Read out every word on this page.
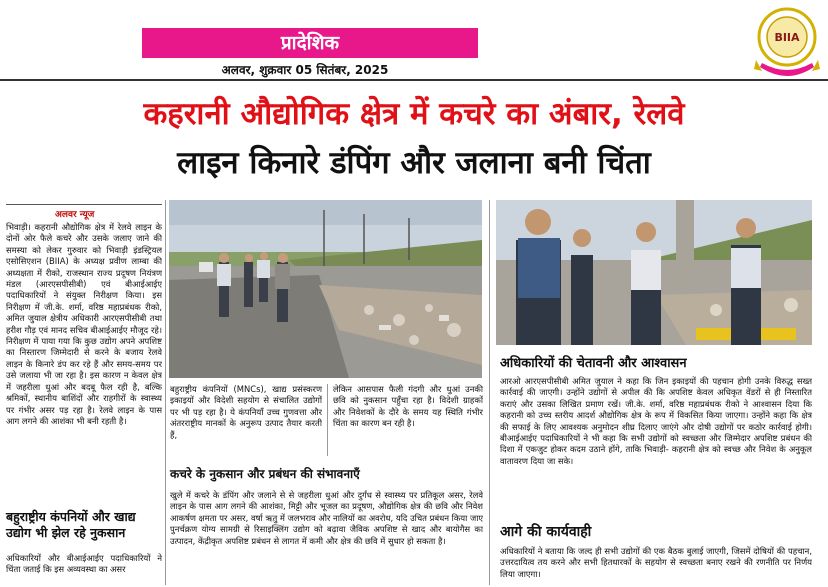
प्रादेशिक
अलवर, शुक्रवार 05 सितंबर, 2025
BIIA
कहरानी औद्योगिक क्षेत्र में कचरे का अंबार, रेलवे
लाइन किनारे डंपिंग और जलाना बनी चिंता
अलवर न्यूज
भिवाड़ी। कहरानी औद्योगिक क्षेत्र में रेलवे लाइन के दोनों ओर फैले कचरे और उसके जलाए जाने की समस्या को लेकर गुरुवार को भिवाड़ी इंडस्ट्रियल एसोसिएशन (BIIA) के अध्यक्ष प्रवीण लाम्बा की अध्यक्षता में रीको, राजस्थान राज्य प्रदूषण नियंत्रण मंडल (आरएसपीसीबी) एवं बीआईआईए पदाधिकारियों ने संयुक्त निरीक्षण किया। इस निरीक्षण में जी.के. शर्मा, वरिष्ठ महाप्रबंधक रीको, अमित जुयाल क्षेत्रीय अधिकारी आरएसपीसीबी तथा हरीश गौड़ एवं मानद सचिव बीआईआईए मौजूद रहे। निरीक्षण में पाया गया कि कुछ उद्योग अपने अपशिष्ट का निस्तारण जिम्मेदारी से करने के बजाय रेलवे लाइन के किनारे डंप कर रहे हैं और समय-समय पर उसे जलाया भी जा रहा है। इस कारण न केवल क्षेत्र में जहरीला धुआं और बदबू फैल रही है, बल्कि श्रमिकों, स्थानीय बाशिंदों और राहगीरों के स्वास्थ्य पर गंभीर असर पड़ रहा है। रेलवे लाइन के पास आग लगने की आशंका भी बनी रहती है।
बहुराष्ट्रीय कंपनियों और खाद्य उद्योग भी झेल रहे नुकसान
अधिकारियों और बीआईआईए पदाधिकारियों ने चिंता जताई कि इस अव्यवस्था का असर
बहुराष्ट्रीय कंपनियों (MNCs), खाद्य प्रसंस्करण इकाइयों और विदेशी सहयोग से संचालित उद्योगों पर भी पड़ रहा है। ये कंपनियाँ उच्च गुणवत्ता और अंतरराष्ट्रीय मानकों के अनुरूप उत्पाद तैयार करती हैं,
लेकिन आसपास फैली गंदगी और धुआं उनकी छवि को नुकसान पहुँचा रहा है। विदेशी ग्राहकों और निवेशकों के दौरे के समय यह स्थिति गंभीर चिंता का कारण बन रही है।
कचरे के नुकसान और प्रबंधन की संभावनाएँ
खुले में कचरे के डंपिंग और जलाने से से जहरीला धुआं और दुर्गंध से स्वास्थ्य पर प्रतिकूल असर, रेलवे लाइन के पास आग लगने की आशंका, मिट्टी और भूजल का प्रदूषण, औद्योगिक क्षेत्र की छवि और निवेश आकर्षण क्षमता पर असर, वर्षा ऋतु में जलभराव और नालियों का अवरोध, यदि उचित प्रबंधन किया जाए पुनर्चक्रण योग्य सामग्री से रिसाइक्लिंग उद्योग को बढ़ावा जैविक अपशिष्ट से खाद और बायोगैस का उत्पादन, केंद्रीकृत अपशिष्ट प्रबंधन से लागत में कमी और क्षेत्र की छवि में सुधार हो सकता है।
अधिकारियों की चेतावनी और आश्वासन
आरओ आरएसपीसीबी अमित जुयाल ने कहा कि जिन इकाइयों की पहचान होगी उनके विरुद्ध सख्त कार्रवाई की जाएगी। उन्होंने उद्योगों से अपील की कि अपशिष्ट केवल अधिकृत वेंडरों से ही निस्तारित कराएं और उसका लिखित प्रमाण रखें। जी.के. शर्मा, वरिष्ठ महाप्रबंधक रीको ने आश्वासन दिया कि कहरानी को उच्च स्तरीय आदर्श औद्योगिक क्षेत्र के रूप में विकसित किया जाएगा। उन्होंने कहा कि क्षेत्र की सफाई के लिए आवश्यक अनुमोदन शीघ्र दिलाए जाएंगे और दोषी उद्योगों पर कठोर कार्रवाई होगी। बीआईआईए पदाधिकारियों ने भी कहा कि सभी उद्योगों को स्वच्छता और जिम्मेदार अपशिष्ट प्रबंधन की दिशा में एकजुट होकर कदम उठाने होंगे, ताकि भिवाड़ी- कहरानी क्षेत्र को स्वच्छ और निवेश के अनुकूल वातावरण दिया जा सके।
आगे की कार्यवाही
अधिकारियों ने बताया कि जल्द ही सभी उद्योगों की एक बैठक बुलाई जाएगी, जिसमें दोषियों की पहचान, उत्तरदायित्व तय करने और सभी हितधारकों के सहयोग से स्वच्छता बनाए रखने की रणनीति पर निर्णय लिया जाएगा।
